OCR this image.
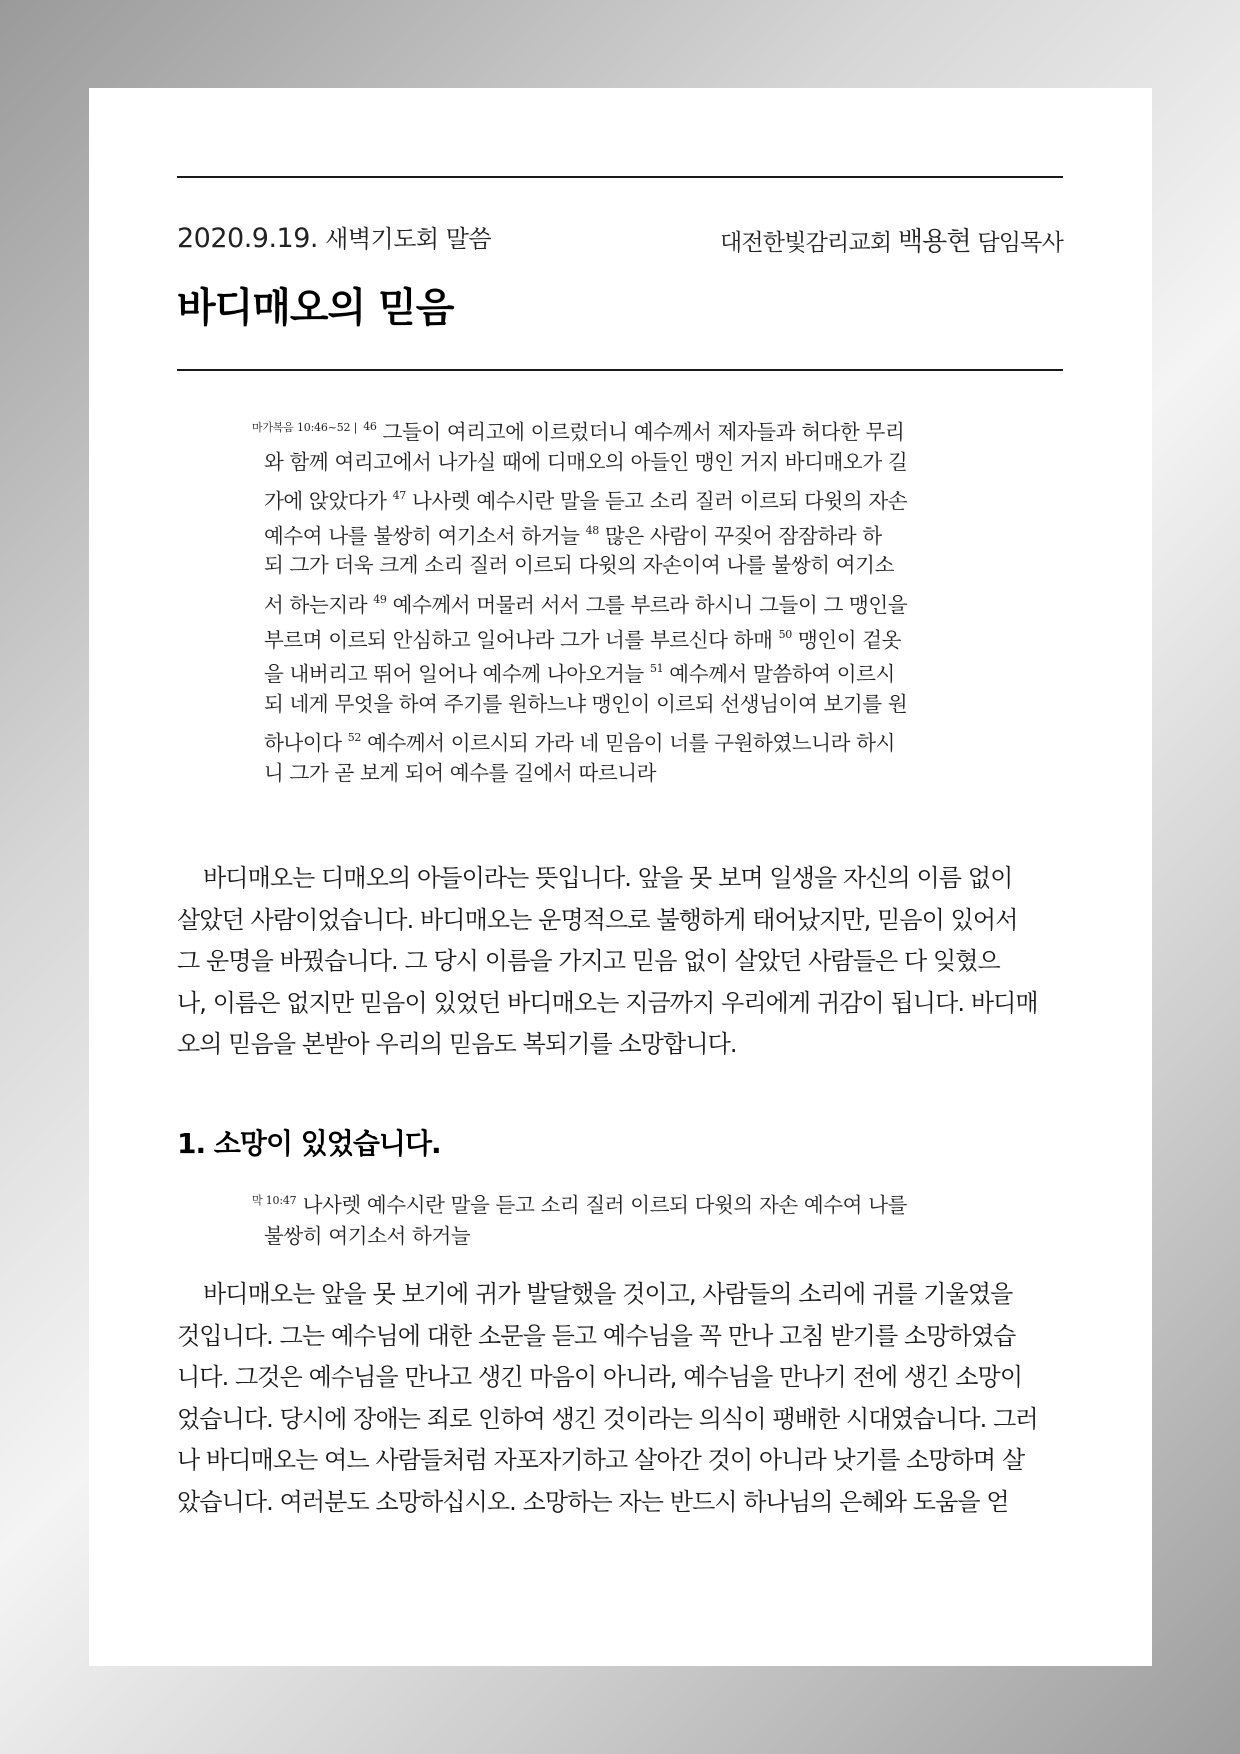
2020.9.19. 새벽기도회 말씀	대전한빛감리교회 백용현 담임목사
바디매오의 믿음
$^{마가복음 10:46\sim 52 |}$ $^{46}$ 그들이 여리고에 이르렀더니 예수께서 제자들과 허다한 무리
와 함께 여리고에서 나가실 때에 디매오의 아들인 맹인 거지 바디매오가 길
가에 앉았다가 $^{47}$ 나사렛 예수시란 말을 듣고 소리 질러 이르되 다윗의 자손
예수여 나를 불쌍히 여기소서 하거늘 $^{48}$ 많은 사람이 꾸짖어 잠잠하라 하
되 그가 더욱 크게 소리 질러 이르되 다윗의 자손이여 나를 불쌍히 여기소
서 하는지라 $^{49}$ 예수께서 머물러 서서 그를 부르라 하시니 그들이 그 맹인을
부르며 이르되 안심하고 일어나라 그가 너를 부르신다 하매 $^{50}$ 맹인이 겉옷
을 내버리고 뛰어 일어나 예수께 나아오거늘 $^{51}$ 예수께서 말씀하여 이르시
되 네게 무엇을 하여 주기를 원하느냐 맹인이 이르되 선생님이여 보기를 원
하나이다 $^{52}$ 예수께서 이르시되 가라 네 믿음이 너를 구원하였느니라 하시
니 그가 곧 보게 되어 예수를 길에서 따르니라
바디매오는 디매오의 아들이라는 뜻입니다. 앞을 못 보며 일생을 자신의 이름 없이
살았던 사람이었습니다. 바디매오는 운명적으로 불행하게 태어났지만, 믿음이 있어서
그 운명을 바꿨습니다. 그 당시 이름을 가지고 믿음 없이 살았던 사람들은 다 잊혔으
나, 이름은 없지만 믿음이 있었던 바디매오는 지금까지 우리에게 귀감이 됩니다. 바디매
오의 믿음을 본받아 우리의 믿음도 복되기를 소망합니다.
1. 소망이 있었습니다.
$^{막 10:47}$ 나사렛 예수시란 말을 듣고 소리 질러 이르되 다윗의 자손 예수여 나를
불쌍히 여기소서 하거늘
바디매오는 앞을 못 보기에 귀가 발달했을 것이고, 사람들의 소리에 귀를 기울였을
것입니다. 그는 예수님에 대한 소문을 듣고 예수님을 꼭 만나 고침 받기를 소망하였습
니다. 그것은 예수님을 만나고 생긴 마음이 아니라, 예수님을 만나기 전에 생긴 소망이
었습니다. 당시에 장애는 죄로 인하여 생긴 것이라는 의식이 팽배한 시대였습니다. 그러
나 바디매오는 여느 사람들처럼 자포자기하고 살아간 것이 아니라 낫기를 소망하며 살
았습니다. 여러분도 소망하십시오. 소망하는 자는 반드시 하나님의 은혜와 도움을 얻
